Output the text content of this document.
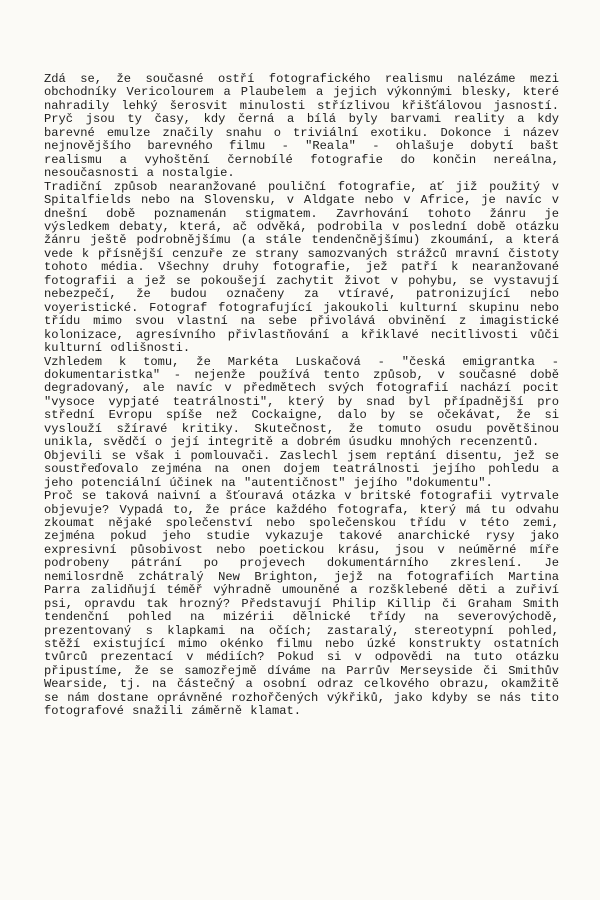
Zdá se, že současné ostří fotografického realismu nalézáme mezi obchodníky Vericolourem a Plaubelem a jejich výkonnými blesky, které nahradily lehký šerosvit minulosti střízlivou křišťálovou jasností. Pryč jsou ty časy, kdy černá a bílá byly barvami reality a kdy barevné emulze značily snahu o triviální exotiku. Dokonce i název nejnovějšího barevného filmu - "Reala" - ohlašuje dobytí bašt realismu a vyhoštění černobílé fotografie do končin nereálna, nesoučasnosti a nostalgie.

Tradiční způsob nearanžované pouliční fotografie, ať již použitý v Spitalfields nebo na Slovensku, v Aldgate nebo v Africe, je navíc v dnešní době poznamenán stigmatem. Zavrhování tohoto žánru je výsledkem debaty, která, ač odvěká, podrobila v poslední době otázku žánru ještě podrobnějšímu (a stále tendenčnějšímu) zkoumání, a která vede k přísnější cenzuře ze strany samozvaných strážců mravní čistoty tohoto média. Všechny druhy fotografie, jež patří k nearanžované fotografii a jež se pokoušejí zachytit život v pohybu, se vystavují nebezpečí, že budou označeny za vtíravé, patronizující nebo voyeristické. Fotograf fotografující jakoukoli kulturní skupinu nebo třídu mimo svou vlastní na sebe přivolává obvinění z imagistické kolonizace, agresívního přivlastňování a křiklavé necitlivosti vůči kulturní odlišnosti.

Vzhledem k tomu, že Markéta Luskačová - "česká emigrantka - dokumentaristka" - nejenže používá tento způsob, v současné době degradovaný, ale navíc v předmětech svých fotografií nachází pocit "vysoce vypjaté teatrálnosti", který by snad byl případnější pro střední Evropu spíše než Cockaigne, dalo by se očekávat, že si vyslouží sžíravé kritiky. Skutečnost, že tomuto osudu povětšinou unikla, svědčí o její integritě a dobrém úsudku mnohých recenzentů.

Objevili se však i pomlouvači. Zaslechl jsem reptání disentu, jež se soustřeďovalo zejména na onen dojem teatrálnosti jejího pohledu a jeho potenciální účinek na "autentičnost" jejího "dokumentu".

Proč se taková naivní a šťouravá otázka v britské fotografii vytrvale objevuje? Vypadá to, že práce každého fotografa, který má tu odvahu zkoumat nějaké společenství nebo společenskou třídu v této zemi, zejména pokud jeho studie vykazuje takové anarchické rysy jako expresivní působivost nebo poetickou krásu, jsou v neúměrné míře podrobeny pátrání po projevech dokumentárního zkreslení. Je nemilosrdně zchátralý New Brighton, jejž na fotografiích Martina Parra zalidňují téměř výhradně umouněné a rozšklebené děti a zuřiví psi, opravdu tak hrozný? Představují Philip Killip či Graham Smith tendenční pohled na mizérii dělnické třídy na severovýchodě, prezentovaný s klapkami na očích; zastaralý, stereotypní pohled, stěží existující mimo okénko filmu nebo úzké konstrukty ostatních tvůrců prezentací v médiích? Pokud si v odpovědi na tuto otázku připustíme, že se samozřejmě díváme na Parrův Merseyside či Smithův Wearside, tj. na částečný a osobní odraz celkového obrazu, okamžitě se nám dostane oprávněné rozhořčených výkřiků, jako kdyby se nás tito fotografové snažili záměrně klamat.
